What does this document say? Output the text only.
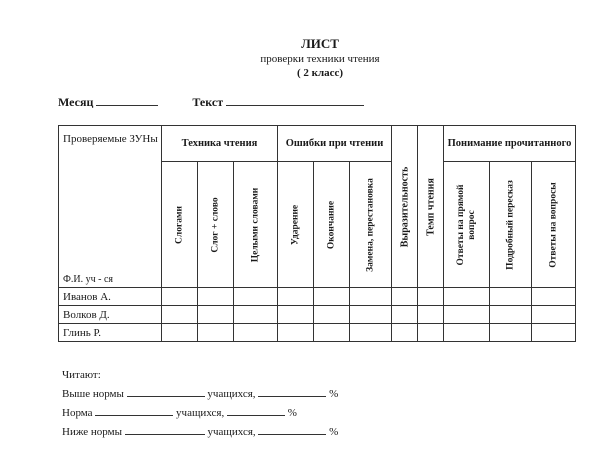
ЛИСТ
проверки техники чтения
( 2 класс)
Месяц	Текст
Проверяемые ЗУНы
Ф.И. уч - ся	Техника чтения			Ошибки при чтении			Выразительность	Темп чтения	Понимание прочитанного		

	Слогами	Слог + слово	Целыми словами	Ударение	Окончание	Замена, перестановка			Ответы на прямой вопрос	Подробный пересказ	Ответы на вопросы

Иванов А.											
Волков Д.											
Глинь Р.											
Читают:
Выше нормы	учащихся,	%
Норма	учащихся,	%
Ниже нормы	учащихся,	%
